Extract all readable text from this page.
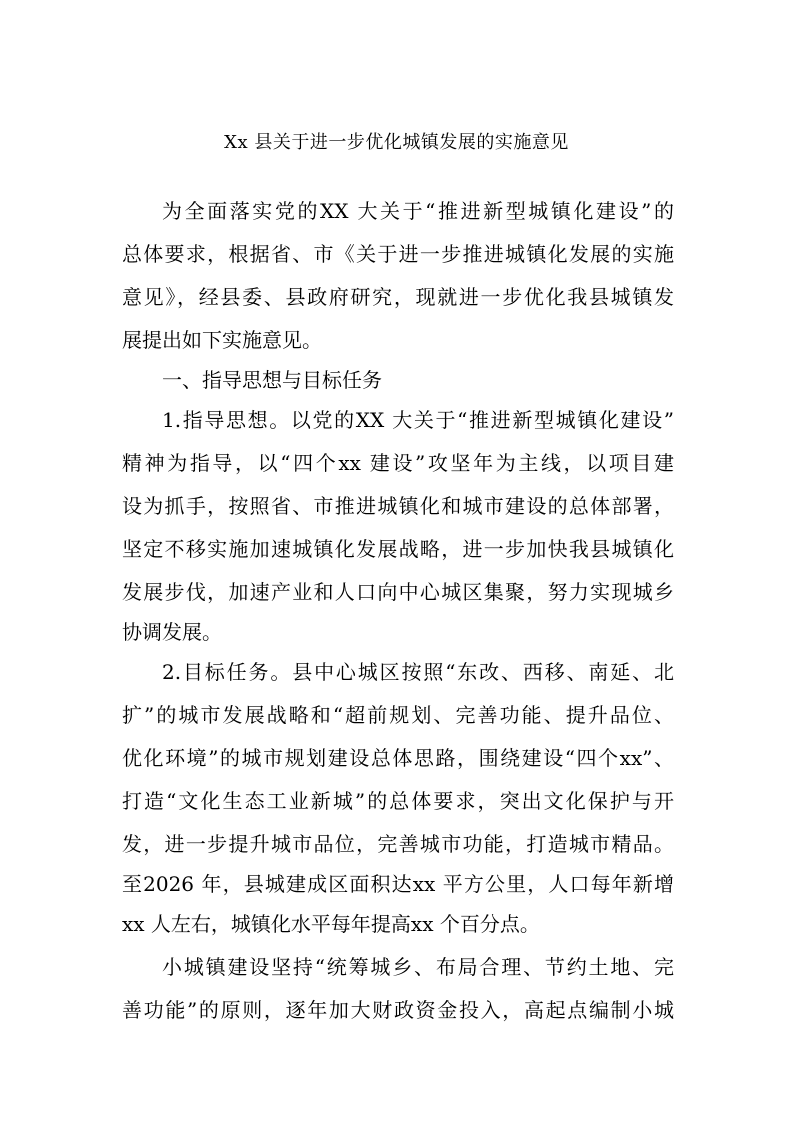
Xx 县关于进一步优化城镇发展的实施意见
为全面落实党的XX 大关于“推进新型城镇化建设”的
总体要求，根据省、市《关于进一步推进城镇化发展的实施
意见》，经县委、县政府研究，现就进一步优化我县城镇发
展提出如下实施意见。
一、指导思想与目标任务
1.指导思想。以党的XX 大关于“推进新型城镇化建设”
精神为指导，以“四个xx 建设”攻坚年为主线，以项目建
设为抓手，按照省、市推进城镇化和城市建设的总体部署，
坚定不移实施加速城镇化发展战略，进一步加快我县城镇化
发展步伐，加速产业和人口向中心城区集聚，努力实现城乡
协调发展。
2.目标任务。县中心城区按照“东改、西移、南延、北
扩”的城市发展战略和“超前规划、完善功能、提升品位、
优化环境”的城市规划建设总体思路，围绕建设“四个xx”、
打造“文化生态工业新城”的总体要求，突出文化保护与开
发，进一步提升城市品位，完善城市功能，打造城市精品。
至2026 年，县城建成区面积达xx 平方公里，人口每年新增
xx 人左右，城镇化水平每年提高xx 个百分点。
小城镇建设坚持“统筹城乡、布局合理、节约土地、完
善功能”的原则，逐年加大财政资金投入，高起点编制小城
